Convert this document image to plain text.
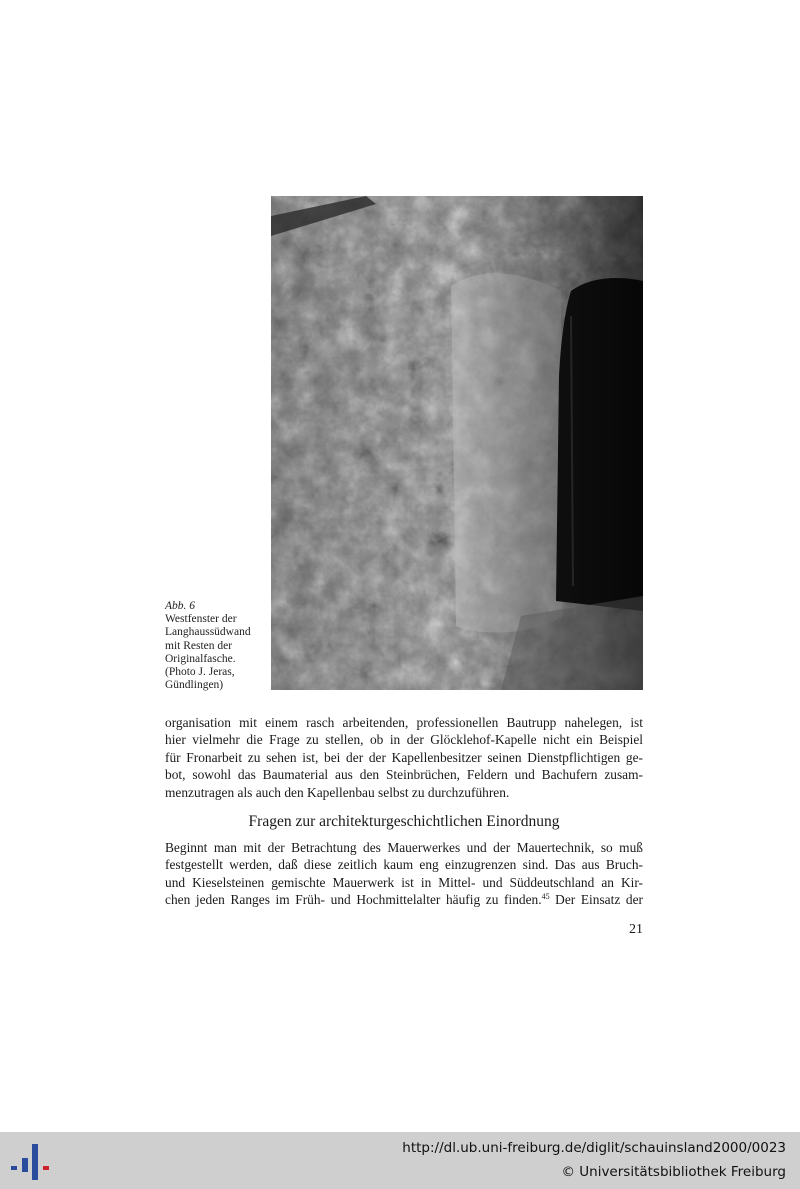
Abb. 6
Westfenster der
Langhaussüdwand
mit Resten der
Originalfasche.
(Photo J. Jeras,
Gündlingen)
organisation mit einem rasch arbeitenden, professionellen Bautrupp nahelegen, ist
hier vielmehr die Frage zu stellen, ob in der Glöcklehof-Kapelle nicht ein Beispiel
für Fronarbeit zu sehen ist, bei der der Kapellenbesitzer seinen Dienstpflichtigen ge-
bot, sowohl das Baumaterial aus den Steinbrüchen, Feldern und Bachufern zusam-
menzutragen als auch den Kapellenbau selbst zu durchzuführen.
Fragen zur architekturgeschichtlichen Einordnung
Beginnt man mit der Betrachtung des Mauerwerkes und der Mauertechnik, so muß
festgestellt werden, daß diese zeitlich kaum eng einzugrenzen sind. Das aus Bruch-
und Kieselsteinen gemischte Mauerwerk ist in Mittel- und Süddeutschland an Kir-
chen jeden Ranges im Früh- und Hochmittelalter häufig zu finden.$^{45}$ Der Einsatz der
21
http://dl.ub.uni-freiburg.de/diglit/schauinsland2000/0023
© Universitätsbibliothek Freiburg
